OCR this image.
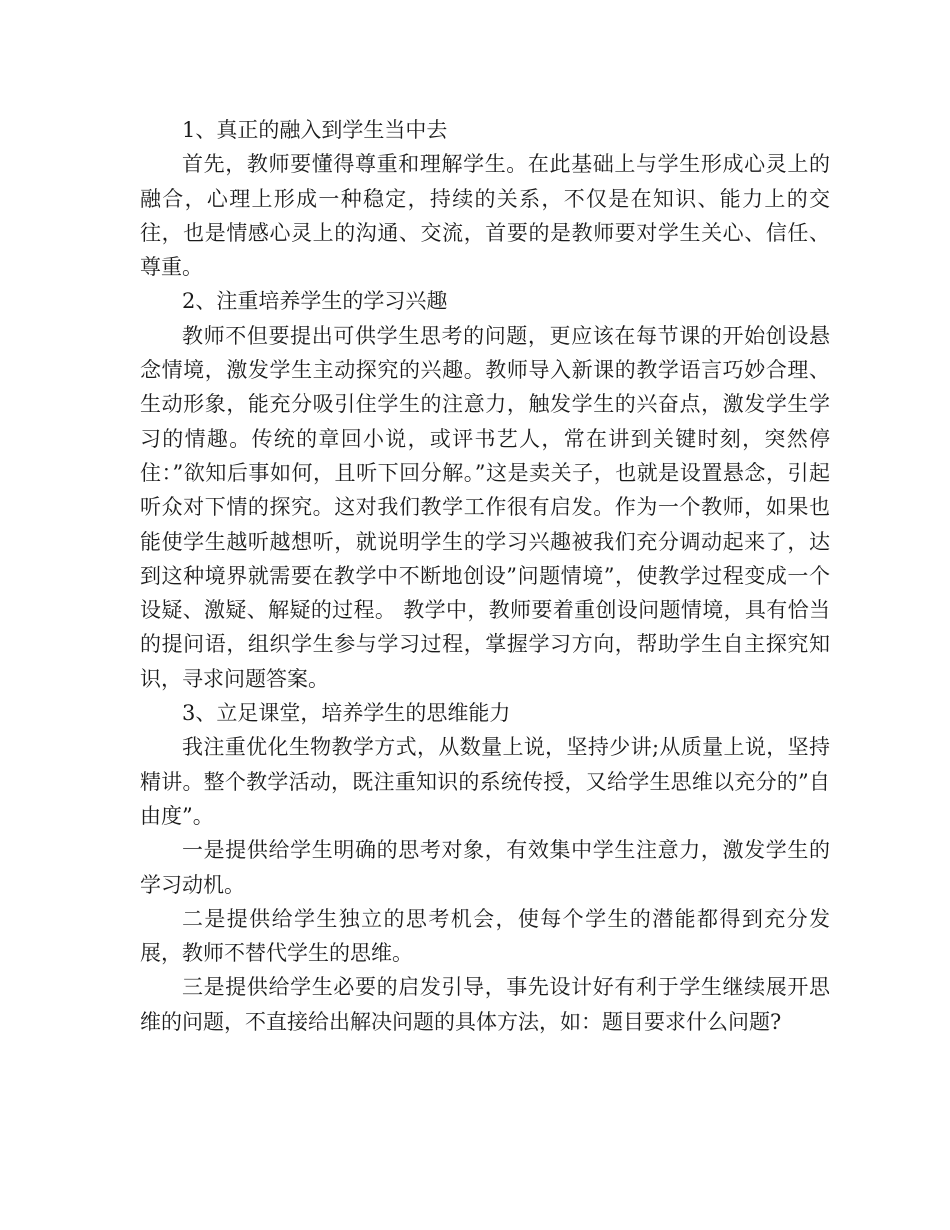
1、真正的融入到学生当中去

首先，教师要懂得尊重和理解学生。在此基础上与学生形成心灵上的融合，心理上形成一种稳定，持续的关系，不仅是在知识、能力上的交往，也是情感心灵上的沟通、交流，首要的是教师要对学生关心、信任、尊重。

2、注重培养学生的学习兴趣

教师不但要提出可供学生思考的问题，更应该在每节课的开始创设悬念情境，激发学生主动探究的兴趣。教师导入新课的教学语言巧妙合理、生动形象，能充分吸引住学生的注意力，触发学生的兴奋点，激发学生学习的情趣。传统的章回小说，或评书艺人，常在讲到关键时刻，突然停住：”欲知后事如何，且听下回分解。”这是卖关子，也就是设置悬念，引起听众对下情的探究。这对我们教学工作很有启发。作为一个教师，如果也能使学生越听越想听，就说明学生的学习兴趣被我们充分调动起来了，达到这种境界就需要在教学中不断地创设”问题情境”，使教学过程变成一个设疑、激疑、解疑的过程。 教学中，教师要着重创设问题情境，具有恰当的提问语，组织学生参与学习过程，掌握学习方向，帮助学生自主探究知识，寻求问题答案。

3、立足课堂，培养学生的思维能力

我注重优化生物教学方式，从数量上说，坚持少讲;从质量上说，坚持精讲。整个教学活动，既注重知识的系统传授，又给学生思维以充分的”自由度”。

一是提供给学生明确的思考对象，有效集中学生注意力，激发学生的学习动机。

二是提供给学生独立的思考机会，使每个学生的潜能都得到充分发展，教师不替代学生的思维。

三是提供给学生必要的启发引导，事先设计好有利于学生继续展开思维的问题，不直接给出解决问题的具体方法，如：题目要求什么问题?
